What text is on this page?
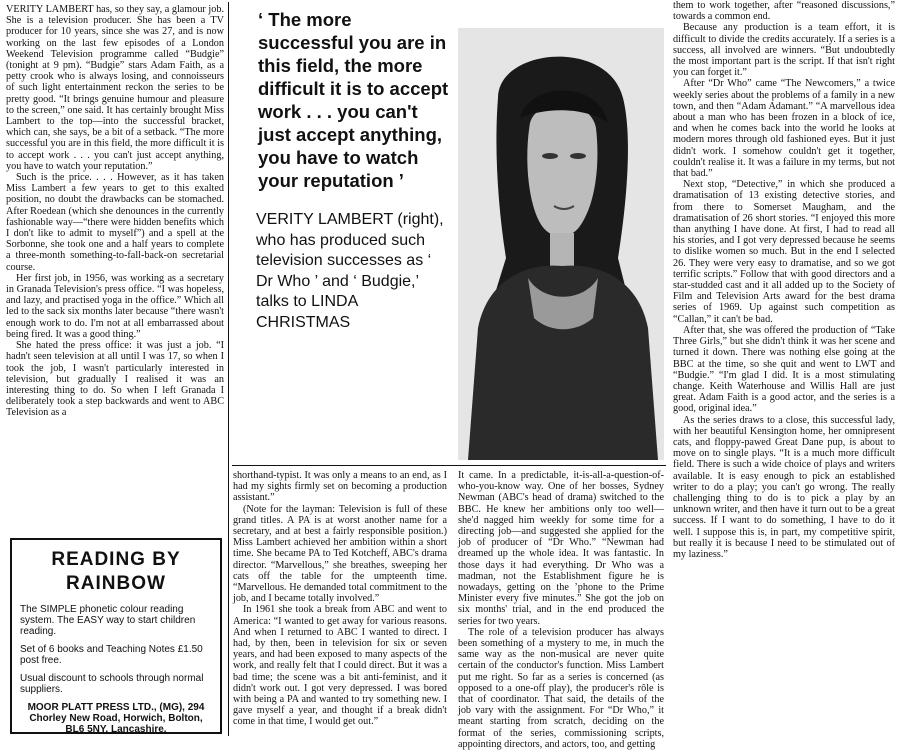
VERITY LAMBERT has, so they say, a glamour job. She is a television producer. She has been a TV producer for 10 years, since she was 27, and is now working on the last few episodes of a London Weekend Television programme called “Budgie” (tonight at 9 pm). “Budgie” stars Adam Faith, as a petty crook who is always losing, and connoisseurs of such light entertainment reckon the series to be pretty good. “It brings genuine humour and pleasure to the screen,” one said. It has certainly brought Miss Lambert to the top—into the successful bracket, which can, she says, be a bit of a setback. “The more successful you are in this field, the more difficult it is to accept work . . . you can't just accept anything, you have to watch your reputation.”

Such is the price. . . . However, as it has taken Miss Lambert a few years to get to this exalted position, no doubt the drawbacks can be stomached. After Roedean (which she denounces in the currently fashionable way—“there were hidden benefits which I don't like to admit to myself”) and a spell at the Sorbonne, she took one and a half years to complete a three-month something-to-fall-back-on secretarial course.

Her first job, in 1956, was working as a secretary in Granada Television's press office. “I was hopeless, and lazy, and practised yoga in the office.” Which all led to the sack six months later because “there wasn't enough work to do. I'm not at all embarrassed about being fired. It was a good thing.”

She hated the press office: it was just a job. “I hadn't seen television at all until I was 17, so when I took the job, I wasn't particularly interested in television, but gradually I realised it was an interesting thing to do. So when I left Granada I deliberately took a step backwards and went to ABC Television as a

‘ The more successful you are in this field, the more difficult it is to accept work . . . you can't just accept anything, you have to watch your reputation ’

VERITY LAMBERT (right), who has produced such television successes as ‘ Dr Who ’ and ‘ Budgie,’ talks to LINDA CHRISTMAS

shorthand-typist. It was only a means to an end, as I had my sights firmly set on becoming a production assistant.”

(Note for the layman: Television is full of these grand titles. A PA is at worst another name for a secretary, and at best a fairly responsible position.) Miss Lambert achieved her ambition within a short time. She became PA to Ted Kotcheff, ABC's drama director. “Marvellous,” she breathes, sweeping her cats off the table for the umpteenth time. “Marvellous. He demanded total commitment to the job, and I became totally involved.”

In 1961 she took a break from ABC and went to America: “I wanted to get away for various reasons. And when I returned to ABC I wanted to direct. I had, by then, been in television for six or seven years, and had been exposed to many aspects of the work, and really felt that I could direct. But it was a bad time; the scene was a bit anti-feminist, and it didn't work out. I got very depressed. I was bored with being a PA and wanted to try something new. I gave myself a year, and thought if a break didn't come in that time, I would get out.”

It came. In a predictable, it-is-all-a-question-of-who-you-know way. One of her bosses, Sydney Newman (ABC's head of drama) switched to the BBC. He knew her ambitions only too well—she'd nagged him weekly for some time for a directing job—and suggested she applied for the job of producer of “Dr Who.” “Newman had dreamed up the whole idea. It was fantastic. In those days it had everything. Dr Who was a madman, not the Establishment figure he is nowadays, getting on the ’phone to the Prime Minister every five minutes.” She got the job on six months' trial, and in the end produced the series for two years.

The role of a television producer has always been something of a mystery to me, in much the same way as the non-musical are never quite certain of the conductor's function. Miss Lambert put me right. So far as a series is concerned (as opposed to a one-off play), the producer's rôle is that of coordinator. That said, the details of the job vary with the assignment. For “Dr Who,” it meant starting from scratch, deciding on the format of the series, commissioning scripts, appointing directors, and actors, too, and getting

them to work together, after “reasoned discussions,” towards a common end.

Because any production is a team effort, it is difficult to divide the credits accurately. If a series is a success, all involved are winners. “But undoubtedly the most important part is the script. If that isn't right you can forget it.”

After “Dr Who” came “The Newcomers,” a twice weekly series about the problems of a family in a new town, and then “Adam Adamant.” “A marvellous idea about a man who has been frozen in a block of ice, and when he comes back into the world he looks at modern mores through old fashioned eyes. But it just didn't work. I somehow couldn't get it together, couldn't realise it. It was a failure in my terms, but not that bad.”

Next stop, “Detective,” in which she produced a dramatisation of 13 existing detective stories, and from there to Somerset Maugham, and the dramatisation of 26 short stories. “I enjoyed this more than anything I have done. At first, I had to read all his stories, and I got very depressed because he seems to dislike women so much. But in the end I selected 26. They were very easy to dramatise, and so we got terrific scripts.” Follow that with good directors and a star-studded cast and it all added up to the Society of Film and Television Arts award for the best drama series of 1969. Up against such competition as “Callan,” it can't be bad.

After that, she was offered the production of “Take Three Girls,” but she didn't think it was her scene and turned it down. There was nothing else going at the BBC at the time, so she quit and went to LWT and “Budgie.” “I'm glad I did. It is a most stimulating change. Keith Waterhouse and Willis Hall are just great. Adam Faith is a good actor, and the series is a good, original idea.”

As the series draws to a close, this successful lady, with her beautiful Kensington home, her omnipresent cats, and floppy-pawed Great Dane pup, is about to move on to single plays. “It is a much more difficult field. There is such a wide choice of plays and writers available. It is easy enough to pick an established writer to do a play; you can't go wrong. The really challenging thing to do is to pick a play by an unknown writer, and then have it turn out to be a great success. If I want to do something, I have to do it well. I suppose this is, in part, my competitive spirit, but really it is because I need to be stimulated out of my laziness.”

READING BY RAINBOW

The SIMPLE phonetic colour reading system. The EASY way to start children reading.

Set of 6 books and Teaching Notes £1.50 post free.

Usual discount to schools through normal suppliers.

MOOR PLATT PRESS LTD., (MG), 294 Chorley New Road, Horwich, Bolton, BL6 5NY, Lancashire.
